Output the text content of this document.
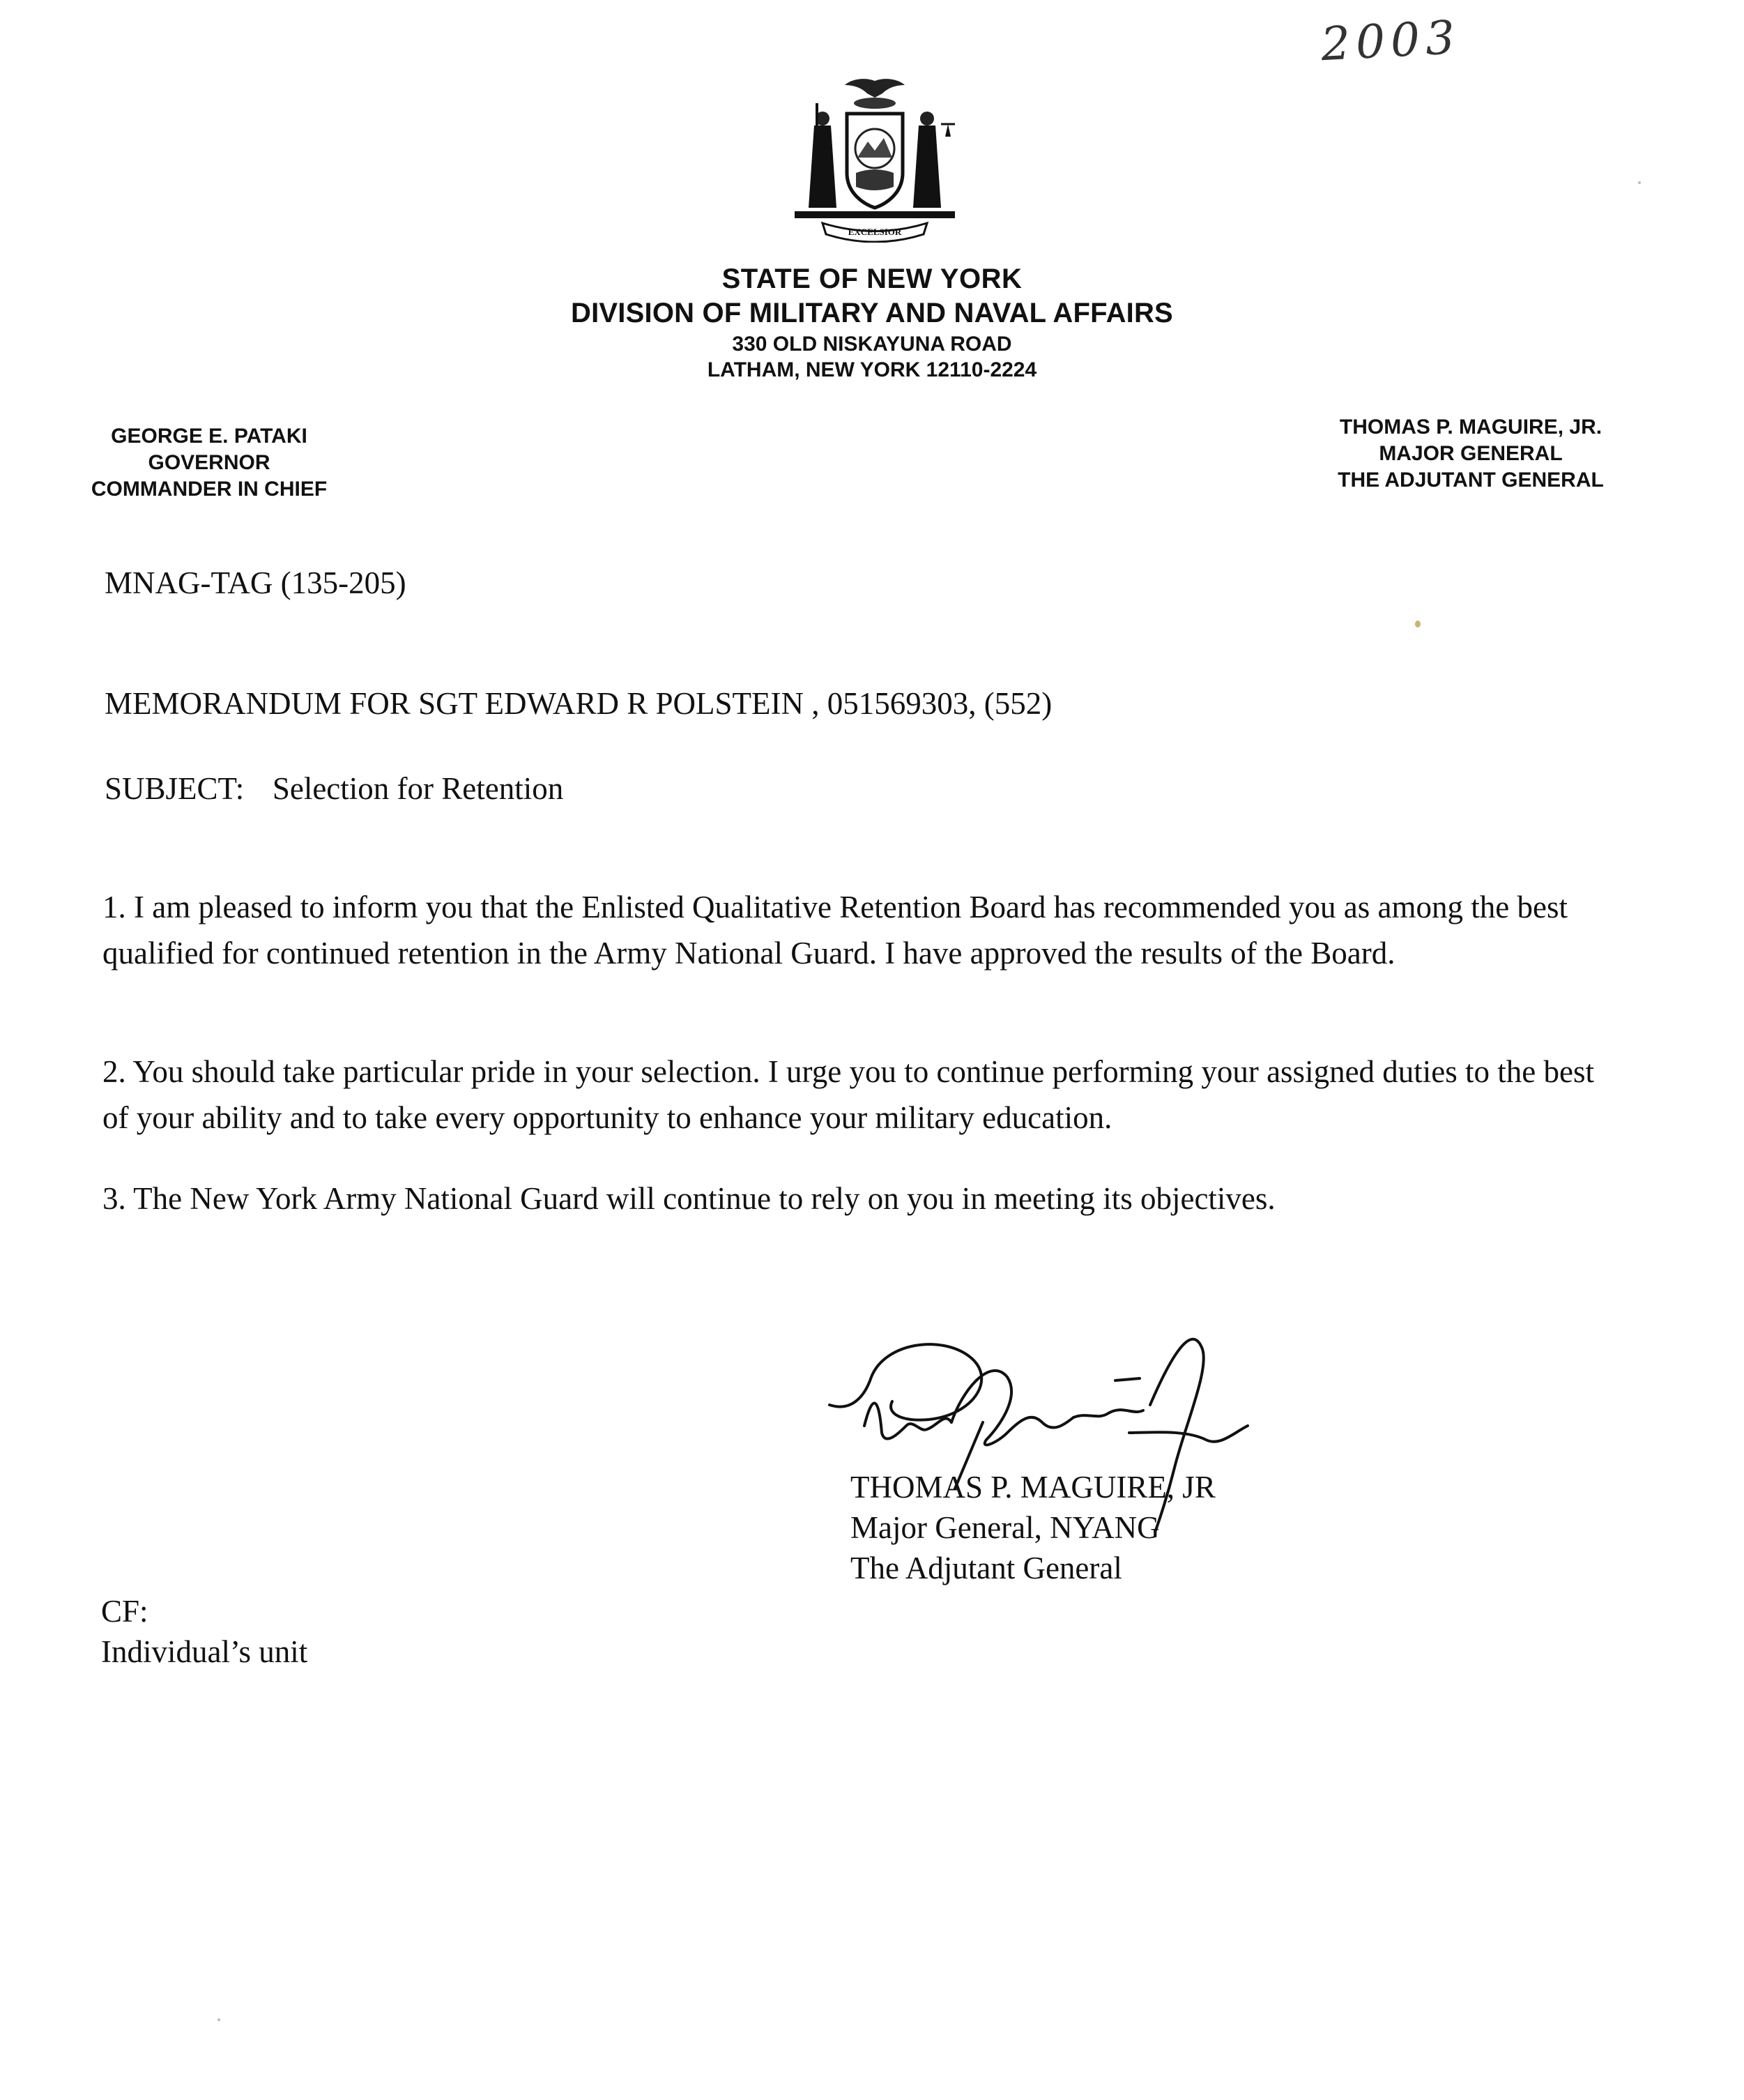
2003
EXCELSIOR
STATE OF NEW YORK
DIVISION OF MILITARY AND NAVAL AFFAIRS
330 OLD NISKAYUNA ROAD
LATHAM, NEW YORK 12110-2224
GEORGE E. PATAKI
GOVERNOR
COMMANDER IN CHIEF
THOMAS P. MAGUIRE, JR.
MAJOR GENERAL
THE ADJUTANT GENERAL
MNAG-TAG (135-205)
MEMORANDUM FOR SGT EDWARD R POLSTEIN , 051569303, (552)
SUBJECT: Selection for Retention
1. I am pleased to inform you that the Enlisted Qualitative Retention Board has recommended you as among the best qualified for continued retention in the Army National Guard. I have approved the results of the Board.
2. You should take particular pride in your selection. I urge you to continue performing your assigned duties to the best of your ability and to take every opportunity to enhance your military education.
3. The New York Army National Guard will continue to rely on you in meeting its objectives.
THOMAS P. MAGUIRE, JR
Major General, NYANG
The Adjutant General
CF:
Individual’s unit
